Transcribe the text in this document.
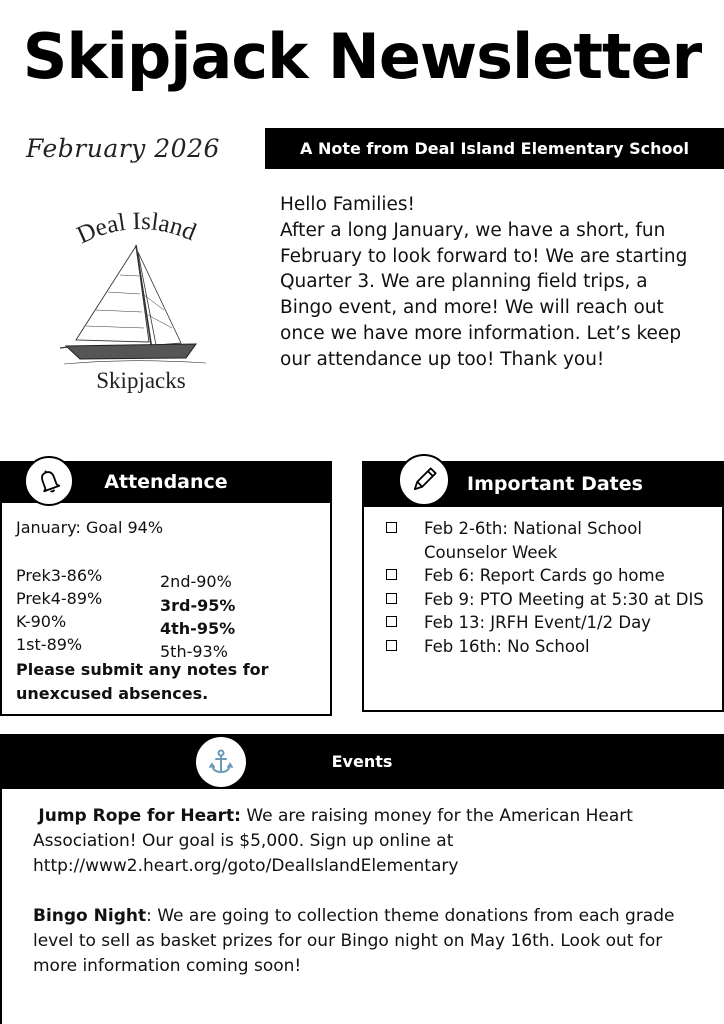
Skipjack Newsletter
February 2026	A Note from Deal Island Elementary School
Deal Island
Skipjacks

Hello Families!

After a long January, we have a short, fun February to look forward to! We are starting Quarter 3. We are planning field trips, a Bingo event, and more! We will reach out once we have more information. Let’s keep our attendance up too! Thank you!

Attendance
January: Goal 94%
Prek3-86%
Prek4-89%
K-90%
1st-89%
2nd-90%
3rd-95%
4th-95%
5th-93%
Please submit any notes for unexcused absences.
Important Dates
Feb 2-6th: National School Counselor Week
Feb 6: Report Cards go home
Feb 9: PTO Meeting at 5:30 at DIS
Feb 13: JRFH Event/1/2 Day
Feb 16th: No School
Events

Jump Rope for Heart: We are raising money for the American Heart Association! Our goal is $5,000. Sign up online at http://www2.heart.org/goto/DealIslandElementary

Bingo Night: We are going to collection theme donations from each grade level to sell as basket prizes for our Bingo night on May 16th. Look out for more information coming soon!
